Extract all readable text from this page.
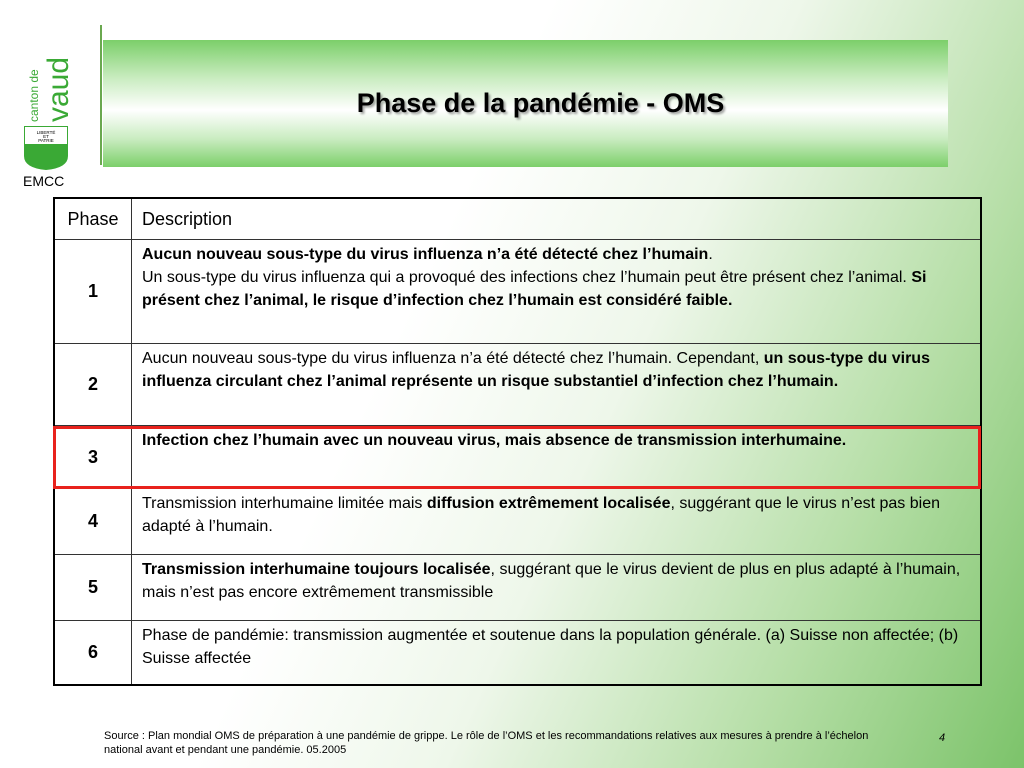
canton de vaud
LIBERTÉ
ET
PATRIE
EMCC
Phase de la pandémie - OMS
Phase	Description
1	Aucun nouveau sous-type du virus influenza n’a été détecté chez l’humain.
Un sous-type du virus influenza qui a provoqué des infections chez l’humain peut être présent chez l’animal. Si présent chez l’animal, le risque d’infection chez l’humain est considéré faible.
2	Aucun nouveau sous-type du virus influenza n’a été détecté chez l’humain. Cependant, un sous-type du virus influenza circulant chez l’animal représente un risque substantiel d’infection chez l’humain.
3	Infection chez l’humain avec un nouveau virus, mais absence de transmission interhumaine.
4	Transmission interhumaine limitée mais diffusion extrêmement localisée, suggérant que le virus n’est pas bien adapté à l’humain.
5	Transmission interhumaine toujours localisée, suggérant que le virus devient de plus en plus adapté à l’humain, mais n’est pas encore extrêmement transmissible
6	Phase de pandémie: transmission augmentée et soutenue dans la population générale. (a) Suisse non affectée; (b) Suisse affectée
Source : Plan mondial OMS de préparation à une pandémie de grippe. Le rôle de l’OMS et les recommandations relatives aux mesures à prendre à l’échelon national avant et pendant une pandémie. 05.2005
4
